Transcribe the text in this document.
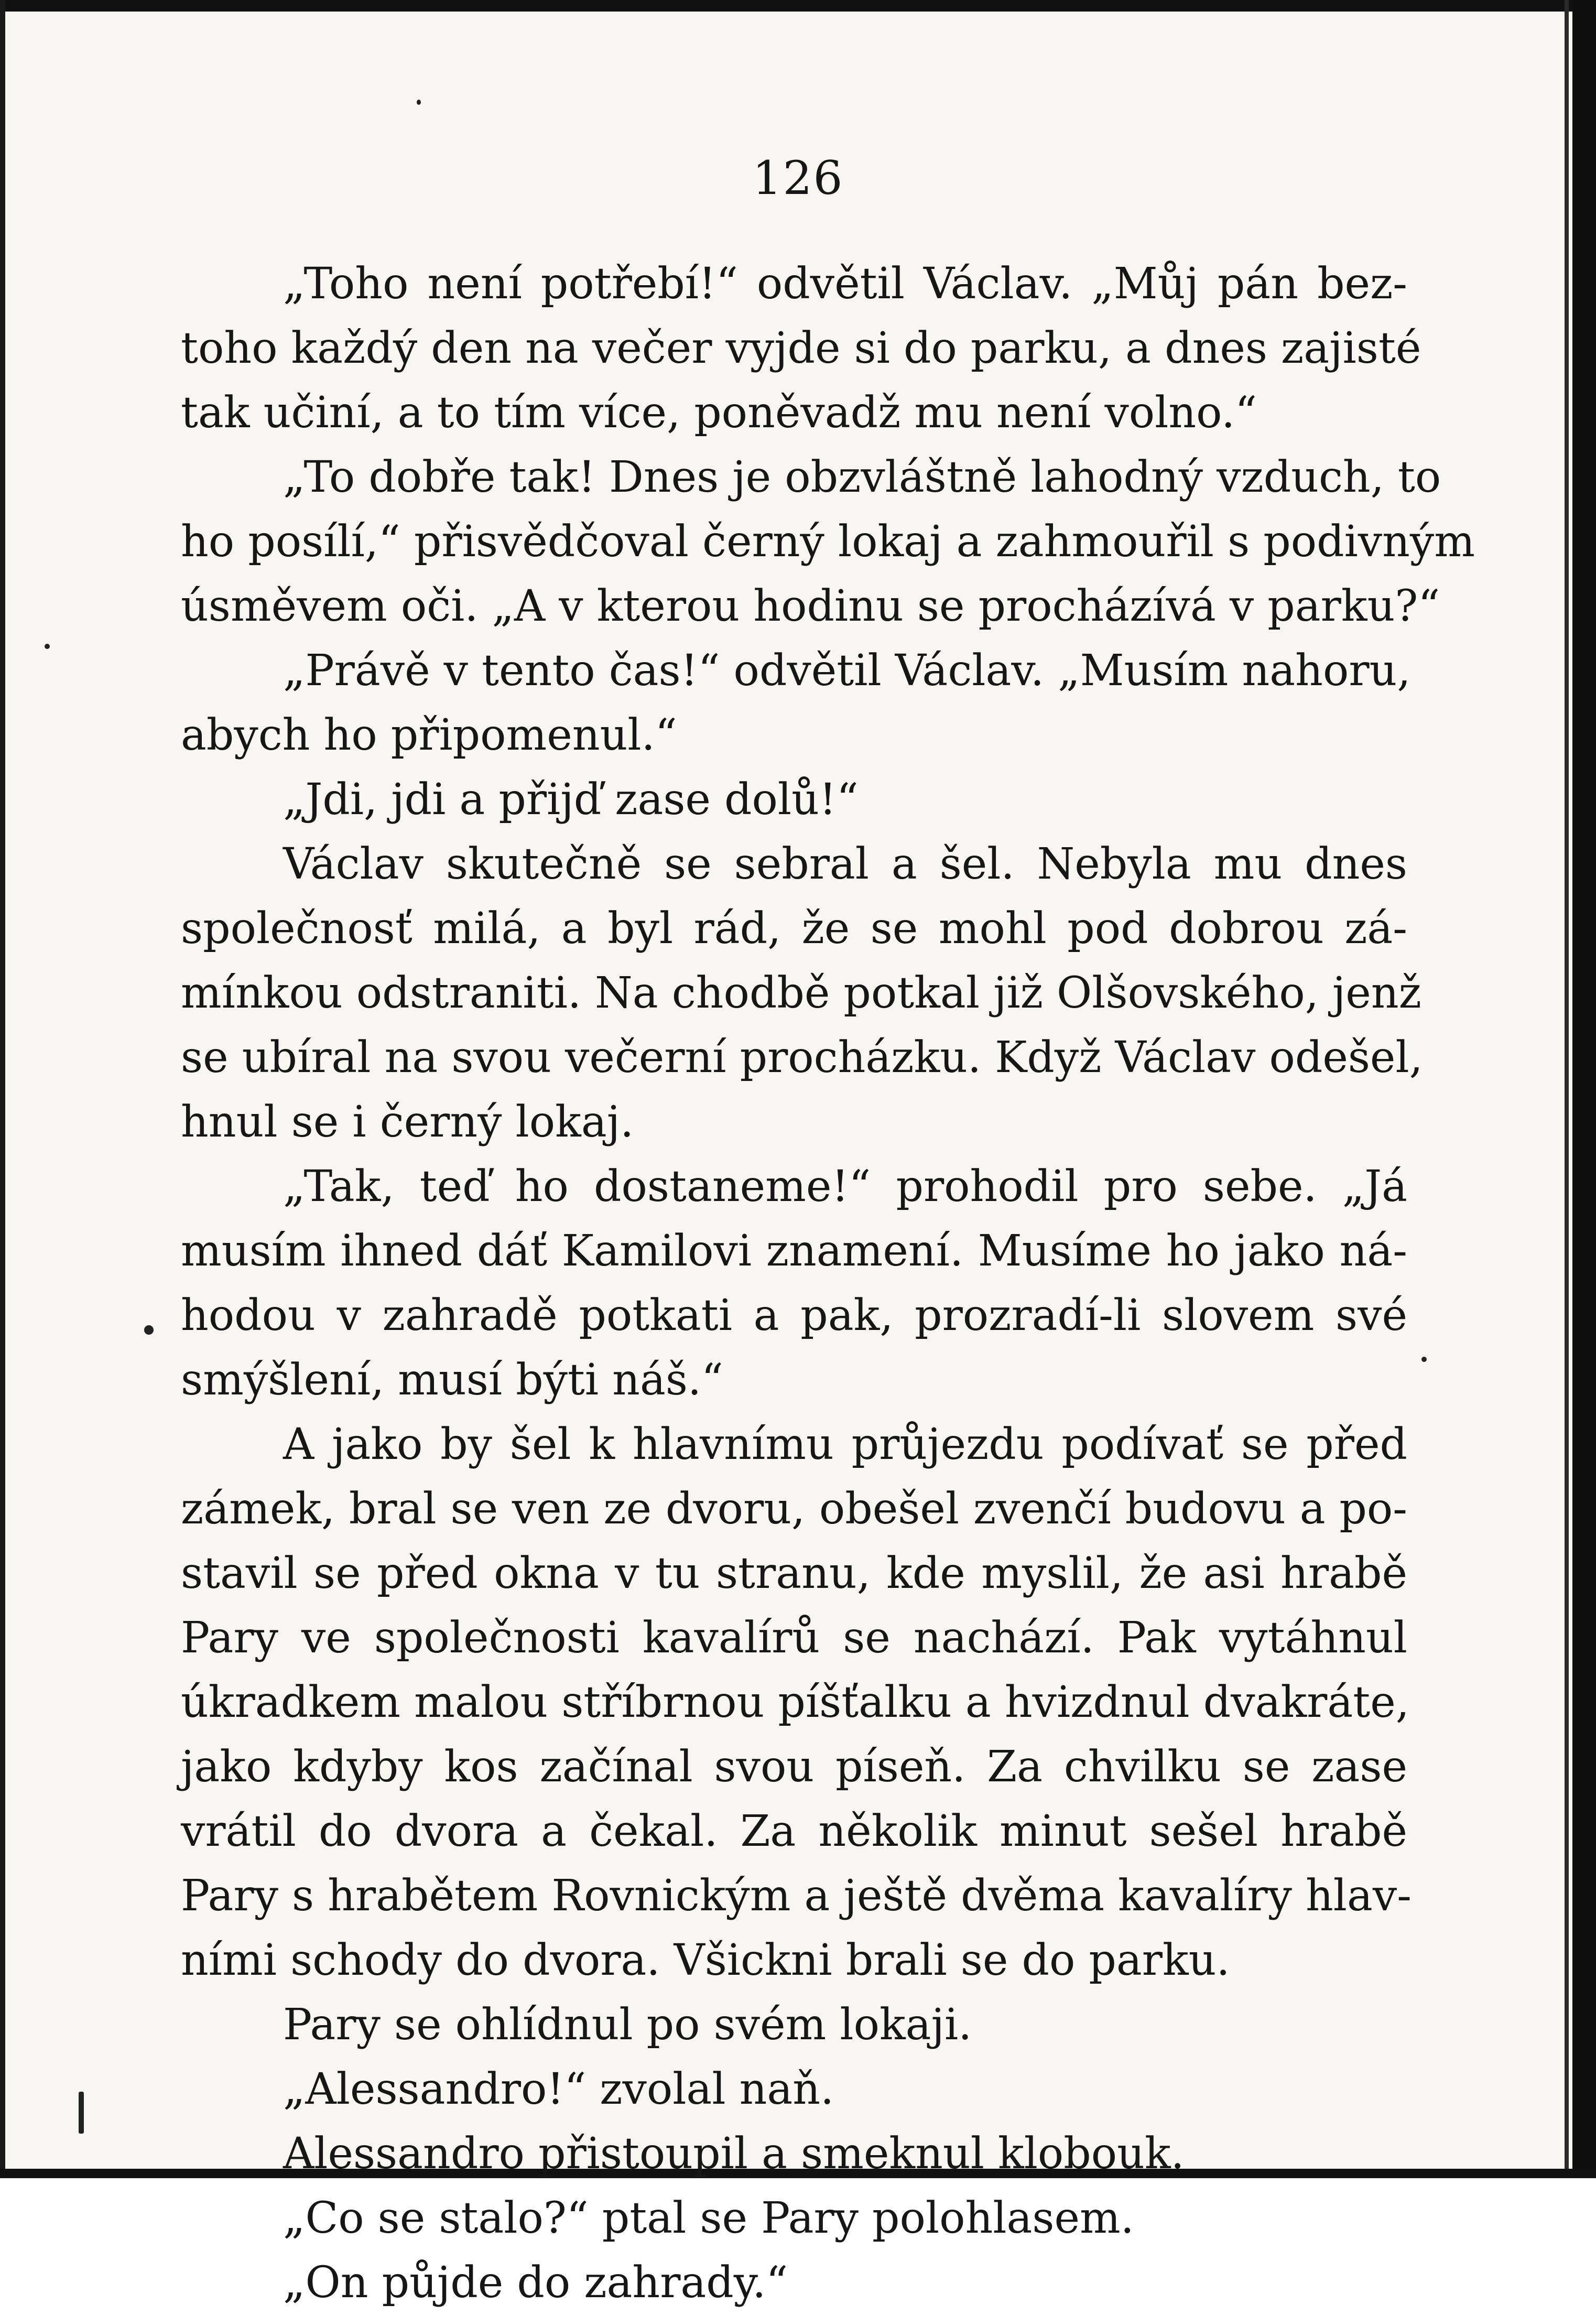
126
„Toho není potřebí!“ odvětil Václav. „Můj pán bez-
toho každý den na večer vyjde si do parku, a dnes zajisté
tak učiní, a to tím více, poněvadž mu není volno.“
„To dobře tak! Dnes je obzvláštně lahodný vzduch, to
ho posílí,“ přisvědčoval černý lokaj a zahmouřil s podivným
úsměvem oči. „A v kterou hodinu se procházívá v parku?“
„Právě v tento čas!“ odvětil Václav. „Musím nahoru,
abych ho připomenul.“
„Jdi, jdi a přijď zase dolů!“
Václav skutečně se sebral a šel. Nebyla mu dnes
společnosť milá, a byl rád, že se mohl pod dobrou zá-
mínkou odstraniti. Na chodbě potkal již Olšovského, jenž
se ubíral na svou večerní procházku. Když Václav odešel,
hnul se i černý lokaj.
„Tak, teď ho dostaneme!“ prohodil pro sebe. „Já
musím ihned dáť Kamilovi znamení. Musíme ho jako ná-
hodou v zahradě potkati a pak, prozradí-li slovem své
smýšlení, musí býti náš.“
A jako by šel k hlavnímu průjezdu podívať se před
zámek, bral se ven ze dvoru, obešel zvenčí budovu a po-
stavil se před okna v tu stranu, kde myslil, že asi hrabě
Pary ve společnosti kavalírů se nachází. Pak vytáhnul
úkradkem malou stříbrnou píšťalku a hvizdnul dvakráte,
jako kdyby kos začínal svou píseň. Za chvilku se zase
vrátil do dvora a čekal. Za několik minut sešel hrabě
Pary s hrabětem Rovnickým a ještě dvěma kavalíry hlav-
ními schody do dvora. Všickni brali se do parku.
Pary se ohlídnul po svém lokaji.
„Alessandro!“ zvolal naň.
Alessandro přistoupil a smeknul klobouk.
„Co se stalo?“ ptal se Pary polohlasem.
„On půjde do zahrady.“
